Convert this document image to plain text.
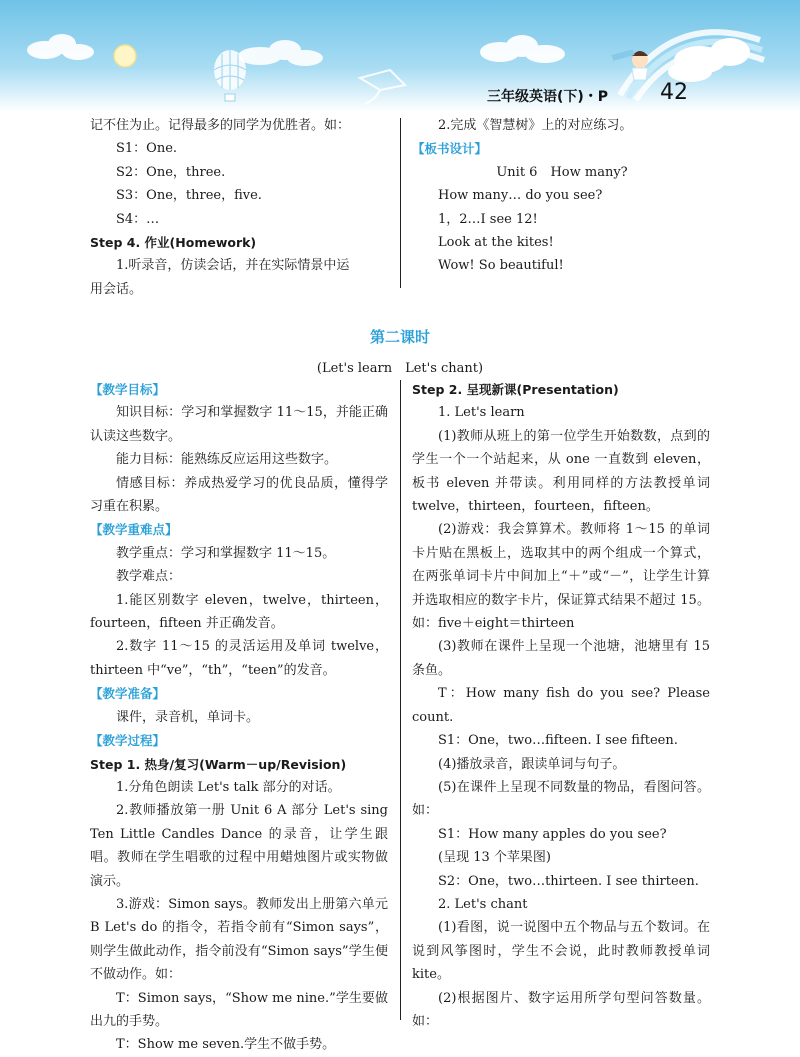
三年级英语(下)・P 42

记不住为止。记得最多的同学为优胜者。如：

S1：One.

S2：One，three.

S3：One，three，five.

S4：…

Step 4. 作业(Homework)

1.听录音，仿读会话，并在实际情景中运

用会话。

2.完成《智慧树》上的对应练习。

【板书设计】

Unit 6　How many?

How many… do you see?

1，2…I see 12!

Look at the kites!

Wow! So beautiful!

第二课时
(Let's learn　Let's chant)

【教学目标】

知识目标：学习和掌握数字 11～15，并能正确认读这些数字。

能力目标：能熟练反应运用这些数字。

情感目标：养成热爱学习的优良品质，懂得学习重在积累。

【教学重难点】

教学重点：学习和掌握数字 11～15。

教学难点：

1.能区别数字 eleven，twelve，thirteen，fourteen，fifteen 并正确发音。

2.数字 11～15 的灵活运用及单词 twelve，thirteen 中“ve”，“th”，“teen”的发音。

【教学准备】

课件，录音机，单词卡。

【教学过程】

Step 1. 热身/复习(Warm－up/Revision)

1.分角色朗读 Let's talk 部分的对话。

2.教师播放第一册 Unit 6 A 部分 Let's sing Ten Little Candles Dance 的录音，让学生跟唱。教师在学生唱歌的过程中用蜡烛图片或实物做演示。

3.游戏：Simon says。教师发出上册第六单元 B Let's do 的指令，若指令前有“Simon says”，则学生做此动作，指令前没有“Simon says”学生便不做动作。如：

T：Simon says，“Show me nine.”学生要做出九的手势。

T：Show me seven.学生不做手势。

Step 2. 呈现新课(Presentation)

1. Let's learn

(1)教师从班上的第一位学生开始数数，点到的学生一个一个站起来，从 one 一直数到 eleven，板书 eleven 并带读。利用同样的方法教授单词 twelve，thirteen，fourteen，fifteen。

(2)游戏：我会算算术。教师将 1～15 的单词卡片贴在黑板上，选取其中的两个组成一个算式，在两张单词卡片中间加上“＋”或“－”，让学生计算并选取相应的数字卡片，保证算式结果不超过 15。如：five＋eight＝thirteen

(3)教师在课件上呈现一个池塘，池塘里有 15 条鱼。

T：How many fish do you see? Please count.

S1：One，two…fifteen. I see fifteen.

(4)播放录音，跟读单词与句子。

(5)在课件上呈现不同数量的物品，看图问答。如：

S1：How many apples do you see?

(呈现 13 个苹果图)

S2：One，two…thirteen. I see thirteen.

2. Let's chant

(1)看图，说一说图中五个物品与五个数词。在说到风筝图时，学生不会说，此时教师教授单词 kite。

(2)根据图片、数字运用所学句型问答数量。如：
